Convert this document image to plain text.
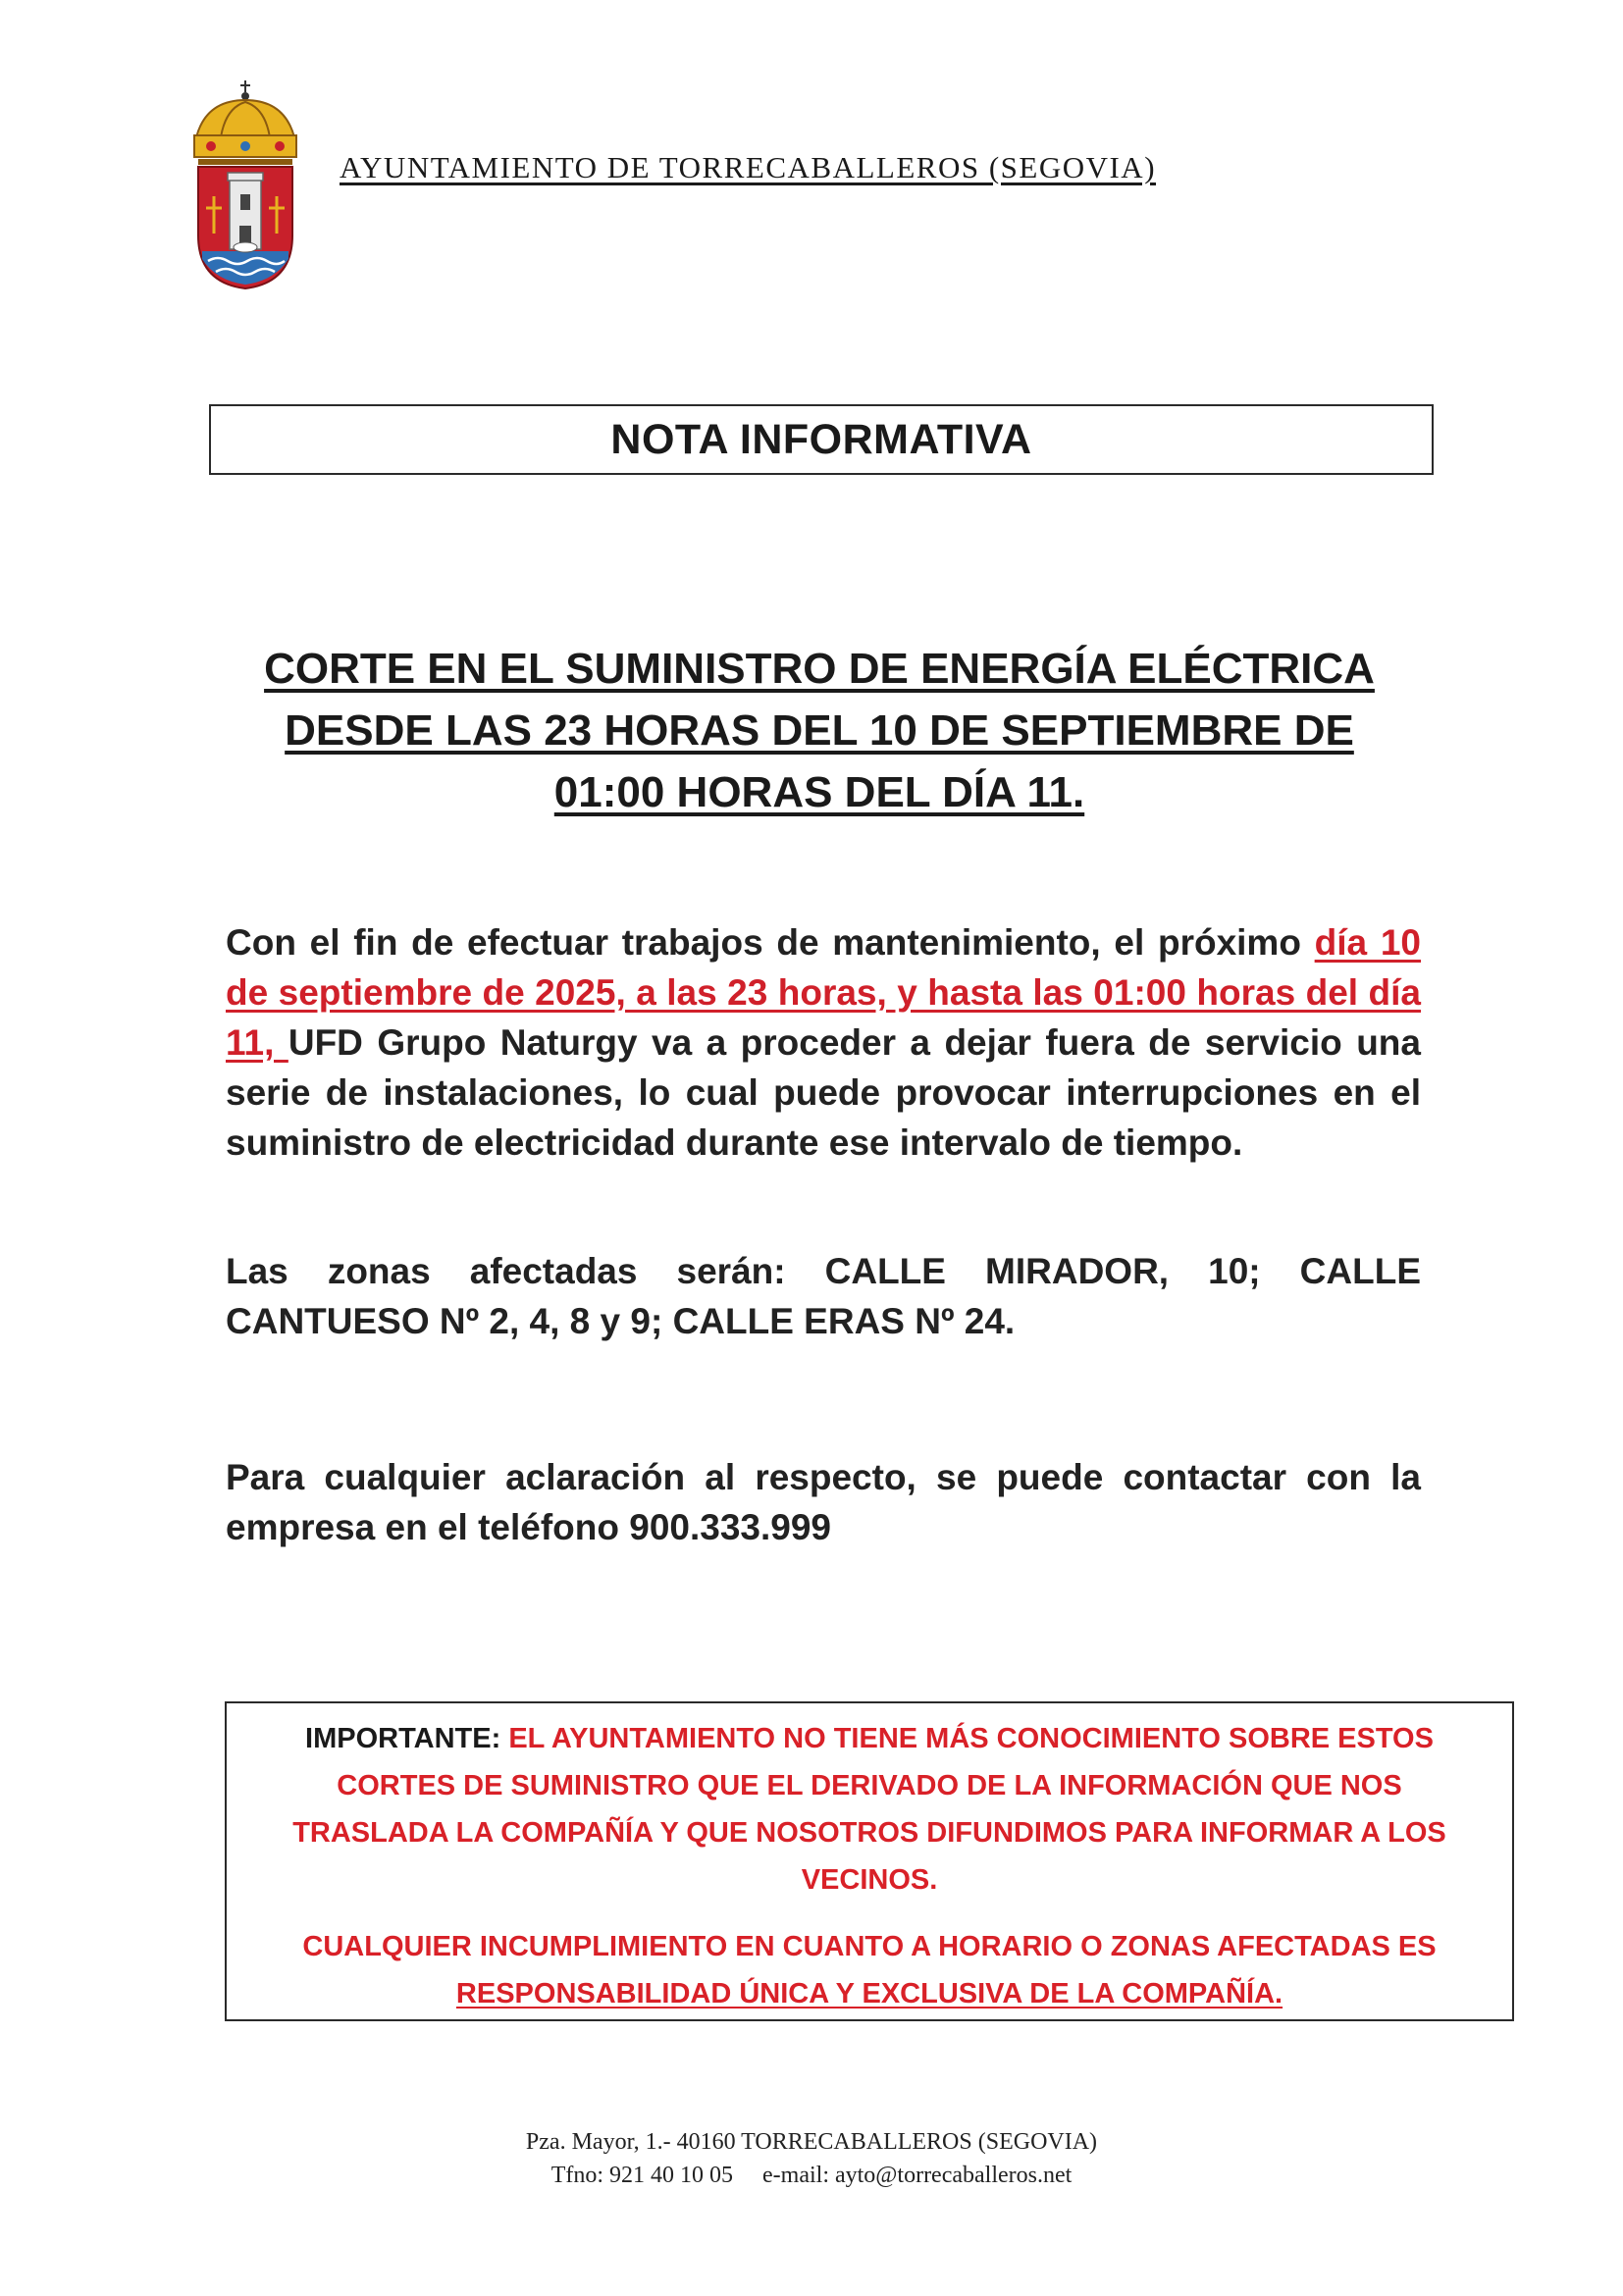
AYUNTAMIENTO DE TORRECABALLEROS (SEGOVIA)
NOTA INFORMATIVA
CORTE EN EL SUMINISTRO DE ENERGÍA ELÉCTRICA
DESDE LAS 23 HORAS DEL 10 DE SEPTIEMBRE DE
01:00 HORAS DEL DÍA 11.
Con el fin de efectuar trabajos de mantenimiento, el próximo día 10 de septiembre de 2025, a las 23 horas, y hasta las 01:00 horas del día 11, UFD Grupo Naturgy va a proceder a dejar fuera de servicio una serie de instalaciones, lo cual puede provocar interrupciones en el suministro de electricidad durante ese intervalo de tiempo.
Las zonas afectadas serán: CALLE MIRADOR, 10; CALLE CANTUESO Nº 2, 4, 8 y 9; CALLE ERAS Nº 24.
Para cualquier aclaración al respecto, se puede contactar con la empresa en el teléfono 900.333.999

IMPORTANTE: EL AYUNTAMIENTO NO TIENE MÁS CONOCIMIENTO SOBRE ESTOS CORTES DE SUMINISTRO QUE EL DERIVADO DE LA INFORMACIÓN QUE NOS TRASLADA LA COMPAÑÍA Y QUE NOSOTROS DIFUNDIMOS PARA INFORMAR A LOS VECINOS.

CUALQUIER INCUMPLIMIENTO EN CUANTO A HORARIO O ZONAS AFECTADAS ES
RESPONSABILIDAD ÚNICA Y EXCLUSIVA DE LA COMPAÑÍA.

Pza. Mayor, 1.- 40160 TORRECABALLEROS (SEGOVIA)
Tfno: 921 40 10 05 e-mail: ayto@torrecaballeros.net
